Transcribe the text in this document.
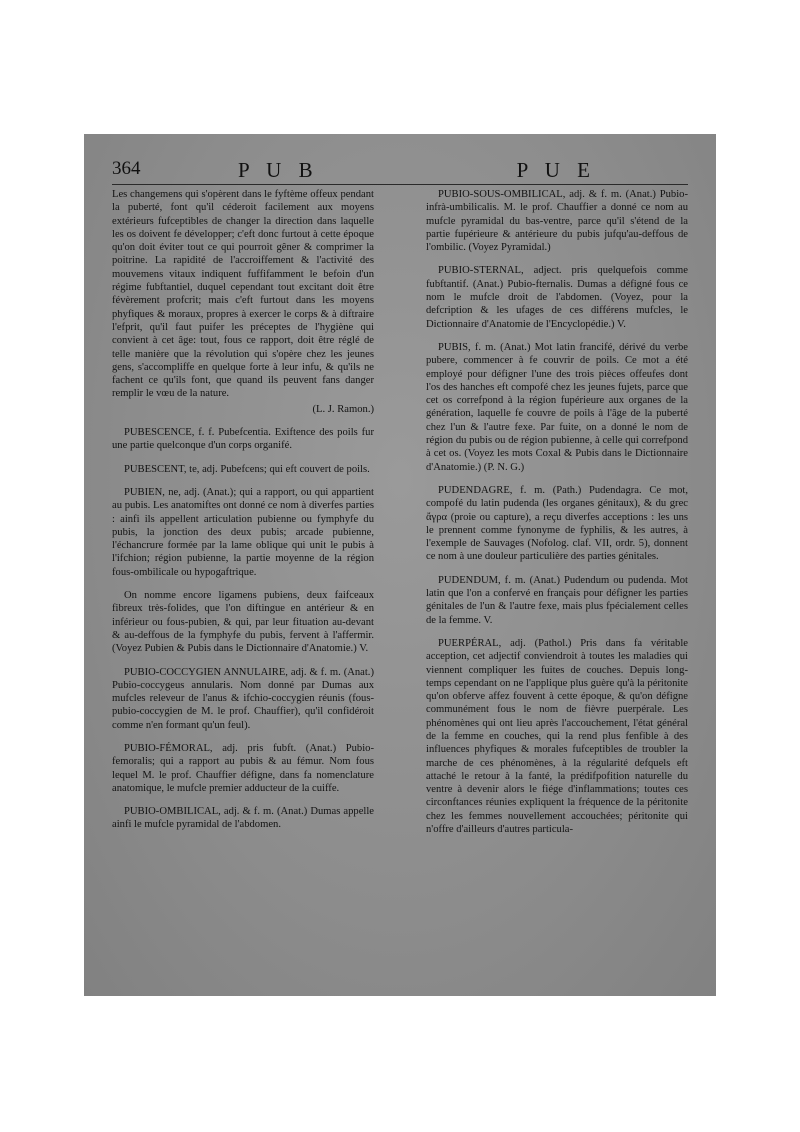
364	P U B	P U E

Les changemens qui s'opèrent dans le fyftème offeux pendant la puberté, font qu'il céderoit facilement aux moyens extérieurs fufceptibles de changer la direction dans laquelle les os doivent fe développer; c'eft donc furtout à cette époque qu'on doit éviter tout ce qui pourroit gêner & comprimer la poitrine. La rapidité de l'accroiffement & l'activité des mouvemens vitaux indiquent fuffifamment le befoin d'un régime fubftantiel, duquel cependant tout excitant doit être févèrement profcrit; mais c'eft furtout dans les moyens phyfiques & moraux, propres à exercer le corps & à diftraire l'efprit, qu'il faut puifer les préceptes de l'hygiène qui convient à cet âge: tout, fous ce rapport, doit être réglé de telle manière que la révolution qui s'opère chez les jeunes gens, s'accompliffe en quelque forte à leur infu, & qu'ils ne fachent ce qu'ils font, que quand ils peuvent fans danger remplir le vœu de la nature.

(L. J. Ramon.)

PUBESCENCE, f. f. Pubefcentia. Exiftence des poils fur une partie quelconque d'un corps organifé.

PUBESCENT, te, adj. Pubefcens; qui eft couvert de poils.

PUBIEN, ne, adj. (Anat.); qui a rapport, ou qui appartient au pubis. Les anatomiftes ont donné ce nom à diverfes parties : ainfi ils appellent articulation pubienne ou fymphyfe du pubis, la jonction des deux pubis; arcade pubienne, l'échancrure formée par la lame oblique qui unit le pubis à l'ifchion; région pubienne, la partie moyenne de la région fous-ombilicale ou hypogaftrique.

On nomme encore ligamens pubiens, deux faifceaux fibreux très-folides, que l'on diftingue en antérieur & en inférieur ou fous-pubien, & qui, par leur fituation au-devant & au-deffous de la fymphyfe du pubis, fervent à l'affermir. (Voyez Pubien & Pubis dans le Dictionnaire d'Anatomie.) V.

PUBIO-COCCYGIEN ANNULAIRE, adj. & f. m. (Anat.) Pubio-coccygeus annularis. Nom donné par Dumas aux mufcles releveur de l'anus & ifchio-coccygien réunis (fous-pubio-coccygien de M. le prof. Chauffier), qu'il confidéroit comme n'en formant qu'un feul).

PUBIO-FÉMORAL, adj. pris fubft. (Anat.) Pubio-femoralis; qui a rapport au pubis & au fémur. Nom fous lequel M. le prof. Chauffier défigne, dans fa nomenclature anatomique, le mufcle premier adducteur de la cuiffe.

PUBIO-OMBILICAL, adj. & f. m. (Anat.) Dumas appelle ainfi le mufcle pyramidal de l'abdomen.

PUBIO-SOUS-OMBILICAL, adj. & f. m. (Anat.) Pubio-infrà-umbilicalis. M. le prof. Chauffier a donné ce nom au mufcle pyramidal du bas-ventre, parce qu'il s'étend de la partie fupérieure & antérieure du pubis jufqu'au-deffous de l'ombilic. (Voyez Pyramidal.)

PUBIO-STERNAL, adject. pris quelquefois comme fubftantif. (Anat.) Pubio-fternalis. Dumas a défigné fous ce nom le mufcle droit de l'abdomen. (Voyez, pour la defcription & les ufages de ces différens mufcles, le Dictionnaire d'Anatomie de l'Encyclopédie.) V.

PUBIS, f. m. (Anat.) Mot latin francifé, dérivé du verbe pubere, commencer à fe couvrir de poils. Ce mot a été employé pour défigner l'une des trois pièces offeufes dont l'os des hanches eft compofé chez les jeunes fujets, parce que cet os correfpond à la région fupérieure aux organes de la génération, laquelle fe couvre de poils à l'âge de la puberté chez l'un & l'autre fexe. Par fuite, on a donné le nom de région du pubis ou de région pubienne, à celle qui correfpond à cet os. (Voyez les mots Coxal & Pubis dans le Dictionnaire d'Anatomie.) (P. N. G.)

PUDENDAGRE, f. m. (Path.) Pudendagra. Ce mot, compofé du latin pudenda (les organes génitaux), & du grec ἄγρα (proie ou capture), a reçu diverfes acceptions : les uns le prennent comme fynonyme de fyphilis, & les autres, à l'exemple de Sauvages (Nofolog. claf. VII, ordr. 5), donnent ce nom à une douleur particulière des parties génitales.

PUDENDUM, f. m. (Anat.) Pudendum ou pudenda. Mot latin que l'on a confervé en français pour défigner les parties génitales de l'un & l'autre fexe, mais plus fpécialement celles de la femme. V.

PUERPÉRAL, adj. (Pathol.) Pris dans fa véritable acception, cet adjectif conviendroit à toutes les maladies qui viennent compliquer les fuites de couches. Depuis long-temps cependant on ne l'applique plus guère qu'à la péritonite qu'on obferve affez fouvent à cette époque, & qu'on défigne communément fous le nom de fièvre puerpérale. Les phénomènes qui ont lieu après l'accouchement, l'état général de la femme en couches, qui la rend plus fenfible à des influences phyfiques & morales fufceptibles de troubler la marche de ces phénomènes, à la régularité defquels eft attaché le retour à la fanté, la prédifpofition naturelle du ventre à devenir alors le fiége d'inflammations; toutes ces circonftances réunies expliquent la fréquence de la péritonite chez les femmes nouvellement accouchées; péritonite qui n'offre d'ailleurs d'autres particula-
